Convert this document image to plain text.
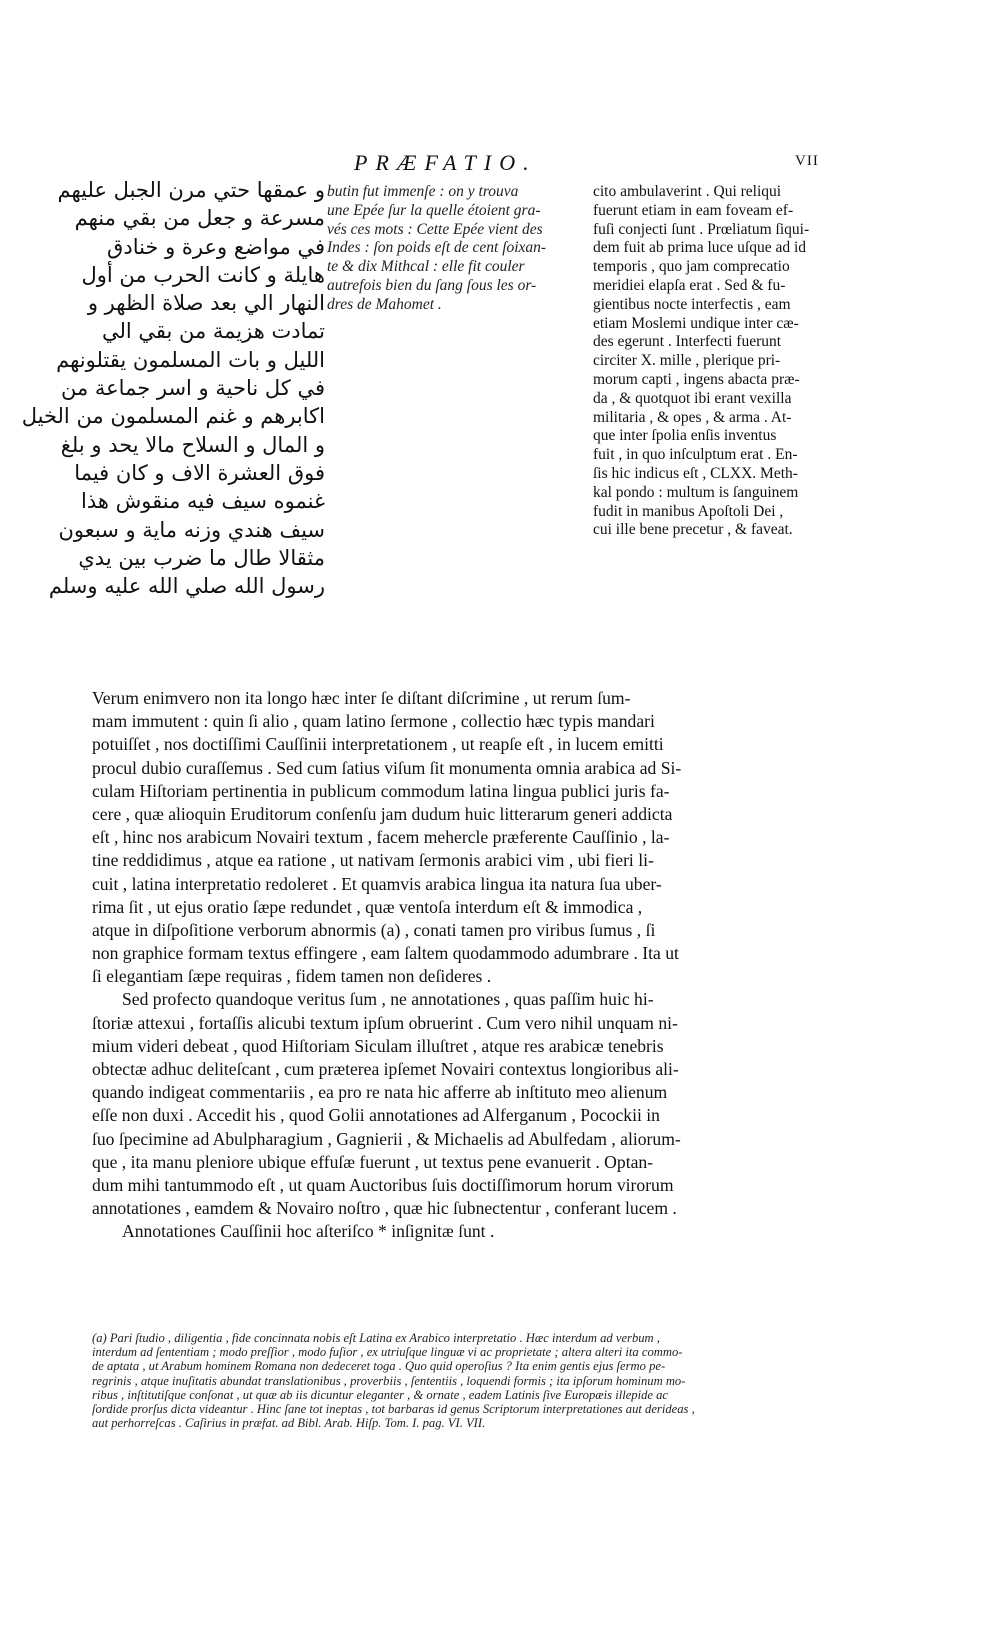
PRÆFATIO.	VII
و عمقها حتي مرن الجبل عليهم
مسرعة و جعل من بقي منهم
في مواضع وعرة و خنادق
هايلة و كانت الحرب من أول
النهار الي بعد صلاة الظهر و
تمادت هزيمة من بقي الي
الليل و بات المسلمون يقتلونهم
في كل ناحية و اسر جماعة من
اكابرهم و غنم المسلمون من الخيل
و المال و السلاح مالا يحد و بلغ
فوق العشرة الاف و كان فيما
غنموه سيف فيه منقوش هذا
سيف هندي وزنه ماية و سبعون
مثقالا طال ما ضرب بين يدي
رسول الله صلي الله عليه وسلم
butin fut immenſe : on y trouva
une Epée ſur la quelle étoient gra-
vés ces mots : Cette Epée vient des
Indes : ſon poids eſt de cent ſoixan-
te & dix Mithcal : elle fit couler
autrefois bien du ſang ſous les or-
dres de Mahomet .
cito ambulaverint . Qui reliqui
fuerunt etiam in eam foveam ef-
fuſi conjecti ſunt . Prœliatum ſiqui-
dem fuit ab prima luce uſque ad id
temporis , quo jam comprecatio
meridiei elapſa erat . Sed & fu-
gientibus nocte interfectis , eam
etiam Moslemi undique inter cæ-
des egerunt . Interfecti fuerunt
circiter X. mille , plerique pri-
morum capti , ingens abacta præ-
da , & quotquot ibi erant vexilla
militaria , & opes , & arma . At-
que inter ſpolia enſis inventus
fuit , in quo inſculptum erat . En-
ſis hic indicus eſt , CLXX. Meth-
kal pondo : multum is ſanguinem
fudit in manibus Apoſtoli Dei ,
cui ille bene precetur , & faveat.
Verum enimvero non ita longo hæc inter ſe diſtant diſcrimine , ut rerum ſum-
mam immutent : quin ſi alio , quam latino ſermone , collectio hæc typis mandari
potuiſſet , nos doctiſſimi Cauſſinii interpretationem , ut reapſe eſt , in lucem emitti
procul dubio curaſſemus . Sed cum ſatius viſum ſit monumenta omnia arabica ad Si-
culam Hiſtoriam pertinentia in publicum commodum latina lingua publici juris fa-
cere , quæ alioquin Eruditorum conſenſu jam dudum huic litterarum generi addicta
eſt , hinc nos arabicum Novairi textum , facem mehercle præferente Cauſſinio , la-
tine reddidimus , atque ea ratione , ut nativam ſermonis arabici vim , ubi fieri li-
cuit , latina interpretatio redoleret . Et quamvis arabica lingua ita natura ſua uber-
rima ſit , ut ejus oratio ſæpe redundet , quæ ventoſa interdum eſt & immodica ,
atque in diſpoſitione verborum abnormis (a) , conati tamen pro viribus ſumus , ſi
non graphice formam textus effingere , eam ſaltem quodammodo adumbrare . Ita ut
ſi elegantiam ſæpe requiras , fidem tamen non deſideres .
Sed profecto quandoque veritus ſum , ne annotationes , quas paſſim huic hi-
ſtoriæ attexui , fortaſſis alicubi textum ipſum obruerint . Cum vero nihil unquam ni-
mium videri debeat , quod Hiſtoriam Siculam illuſtret , atque res arabicæ tenebris
obtectæ adhuc deliteſcant , cum præterea ipſemet Novairi contextus longioribus ali-
quando indigeat commentariis , ea pro re nata hic afferre ab inſtituto meo alienum
eſſe non duxi . Accedit his , quod Golii annotationes ad Alferganum , Pocockii in
ſuo ſpecimine ad Abulpharagium , Gagnierii , & Michaelis ad Abulfedam , aliorum-
que , ita manu pleniore ubique effuſæ fuerunt , ut textus pene evanuerit . Optan-
dum mihi tantummodo eſt , ut quam Auctoribus ſuis doctiſſimorum horum virorum
annotationes , eamdem & Novairo noſtro , quæ hic ſubnectentur , conferant lucem .
Annotationes Cauſſinii hoc aſteriſco * inſignitæ ſunt .
(a) Pari ſtudio , diligentia , fide concinnata nobis eſt Latina ex Arabico interpretatio . Hæc interdum ad verbum ,
interdum ad ſententiam ; modo preſſior , modo fuſior , ex utriuſque linguæ vi ac proprietate ; altera alteri ita commo-
de aptata , ut Arabum hominem Romana non dedeceret toga . Quo quid operoſius ? Ita enim gentis ejus ſermo pe-
regrinis , atque inuſitatis abundat translationibus , proverbiis , ſententiis , loquendi formis ; ita ipſorum hominum mo-
ribus , inſtitutiſque conſonat , ut quæ ab iis dicuntur eleganter , & ornate , eadem Latinis ſive Europæis illepide ac
ſordide prorſus dicta videantur . Hinc ſane tot ineptas , tot barbaras id genus Scriptorum interpretationes aut derideas ,
aut perhorreſcas . Caſirius in præfat. ad Bibl. Arab. Hiſp. Tom. I. pag. VI. VII.
